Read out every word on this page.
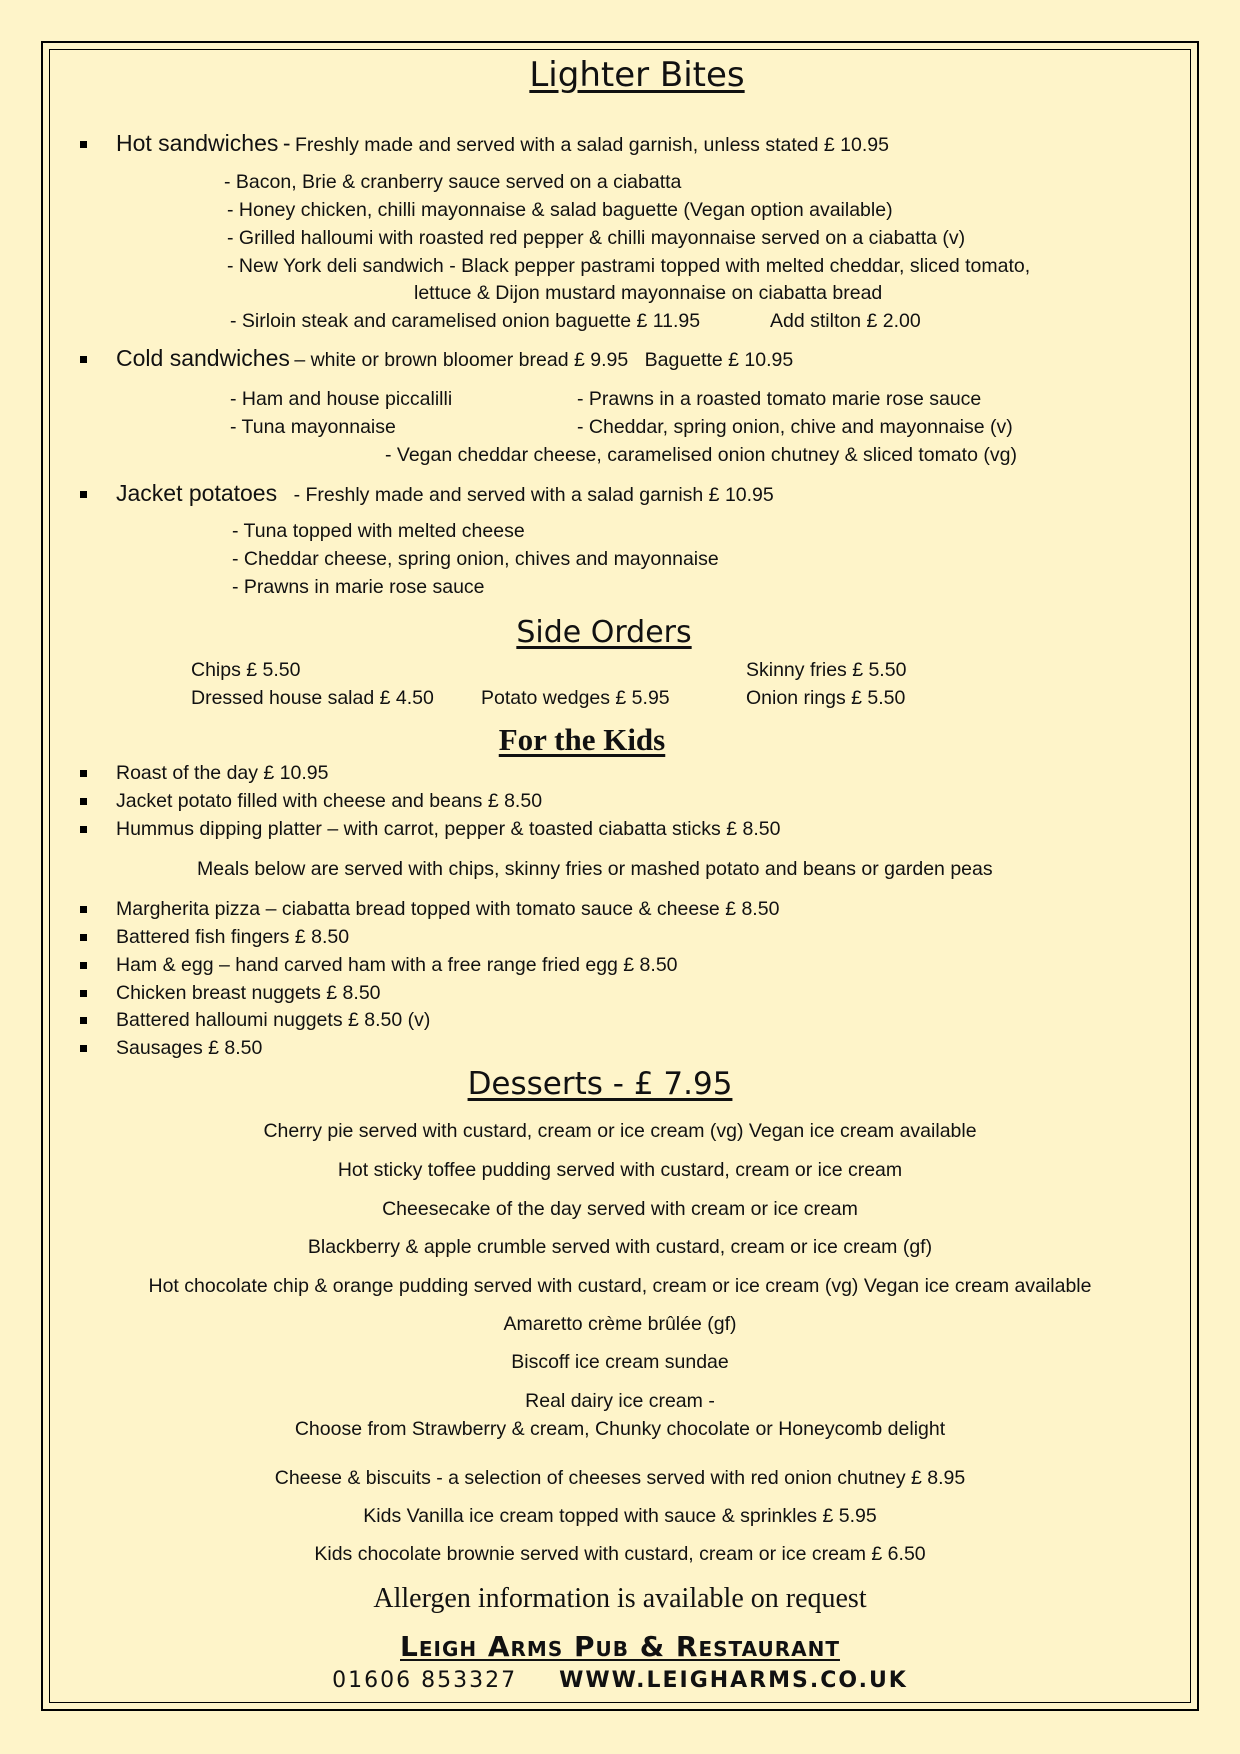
Lighter Bites
Hot sandwiches - Freshly made and served with a salad garnish, unless stated £ 10.95
- Bacon, Brie & cranberry sauce served on a ciabatta
- Honey chicken, chilli mayonnaise & salad baguette (Vegan option available)
- Grilled halloumi with roasted red pepper & chilli mayonnaise served on a ciabatta (v)
- New York deli sandwich - Black pepper pastrami topped with melted cheddar, sliced tomato,
lettuce & Dijon mustard mayonnaise on ciabatta bread
- Sirloin steak and caramelised onion baguette £ 11.95	Add stilton £ 2.00
Cold sandwiches – white or brown bloomer bread £ 9.95 Baguette £ 10.95
- Ham and house piccalilli
- Tuna mayonnaise
- Prawns in a roasted tomato marie rose sauce
- Cheddar, spring onion, chive and mayonnaise (v)
- Vegan cheddar cheese, caramelised onion chutney & sliced tomato (vg)
Jacket potatoes - Freshly made and served with a salad garnish £ 10.95
- Tuna topped with melted cheese
- Cheddar cheese, spring onion, chives and mayonnaise
- Prawns in marie rose sauce
Side Orders
Chips £ 5.50
Dressed house salad £ 4.50 Potato wedges £ 5.95
Skinny fries £ 5.50
Onion rings £ 5.50
For the Kids
Roast of the day £ 10.95
Jacket potato filled with cheese and beans £ 8.50
Hummus dipping platter – with carrot, pepper & toasted ciabatta sticks £ 8.50
Meals below are served with chips, skinny fries or mashed potato and beans or garden peas
Margherita pizza – ciabatta bread topped with tomato sauce & cheese £ 8.50
Battered fish fingers £ 8.50
Ham & egg – hand carved ham with a free range fried egg £ 8.50
Chicken breast nuggets £ 8.50
Battered halloumi nuggets £ 8.50 (v)
Sausages £ 8.50
Desserts - £ 7.95
Cherry pie served with custard, cream or ice cream (vg) Vegan ice cream available
Hot sticky toffee pudding served with custard, cream or ice cream
Cheesecake of the day served with cream or ice cream
Blackberry & apple crumble served with custard, cream or ice cream (gf)
Hot chocolate chip & orange pudding served with custard, cream or ice cream (vg) Vegan ice cream available
Amaretto crème brûlée (gf)
Biscoff ice cream sundae
Real dairy ice cream -
Choose from Strawberry & cream, Chunky chocolate or Honeycomb delight
Cheese & biscuits - a selection of cheeses served with red onion chutney £ 8.95
Kids Vanilla ice cream topped with sauce & sprinkles £ 5.95
Kids chocolate brownie served with custard, cream or ice cream £ 6.50
Allergen information is available on request
Leigh Arms Pub & Restaurant
01606 853327 WWW.LEIGHARMS.CO.UK
